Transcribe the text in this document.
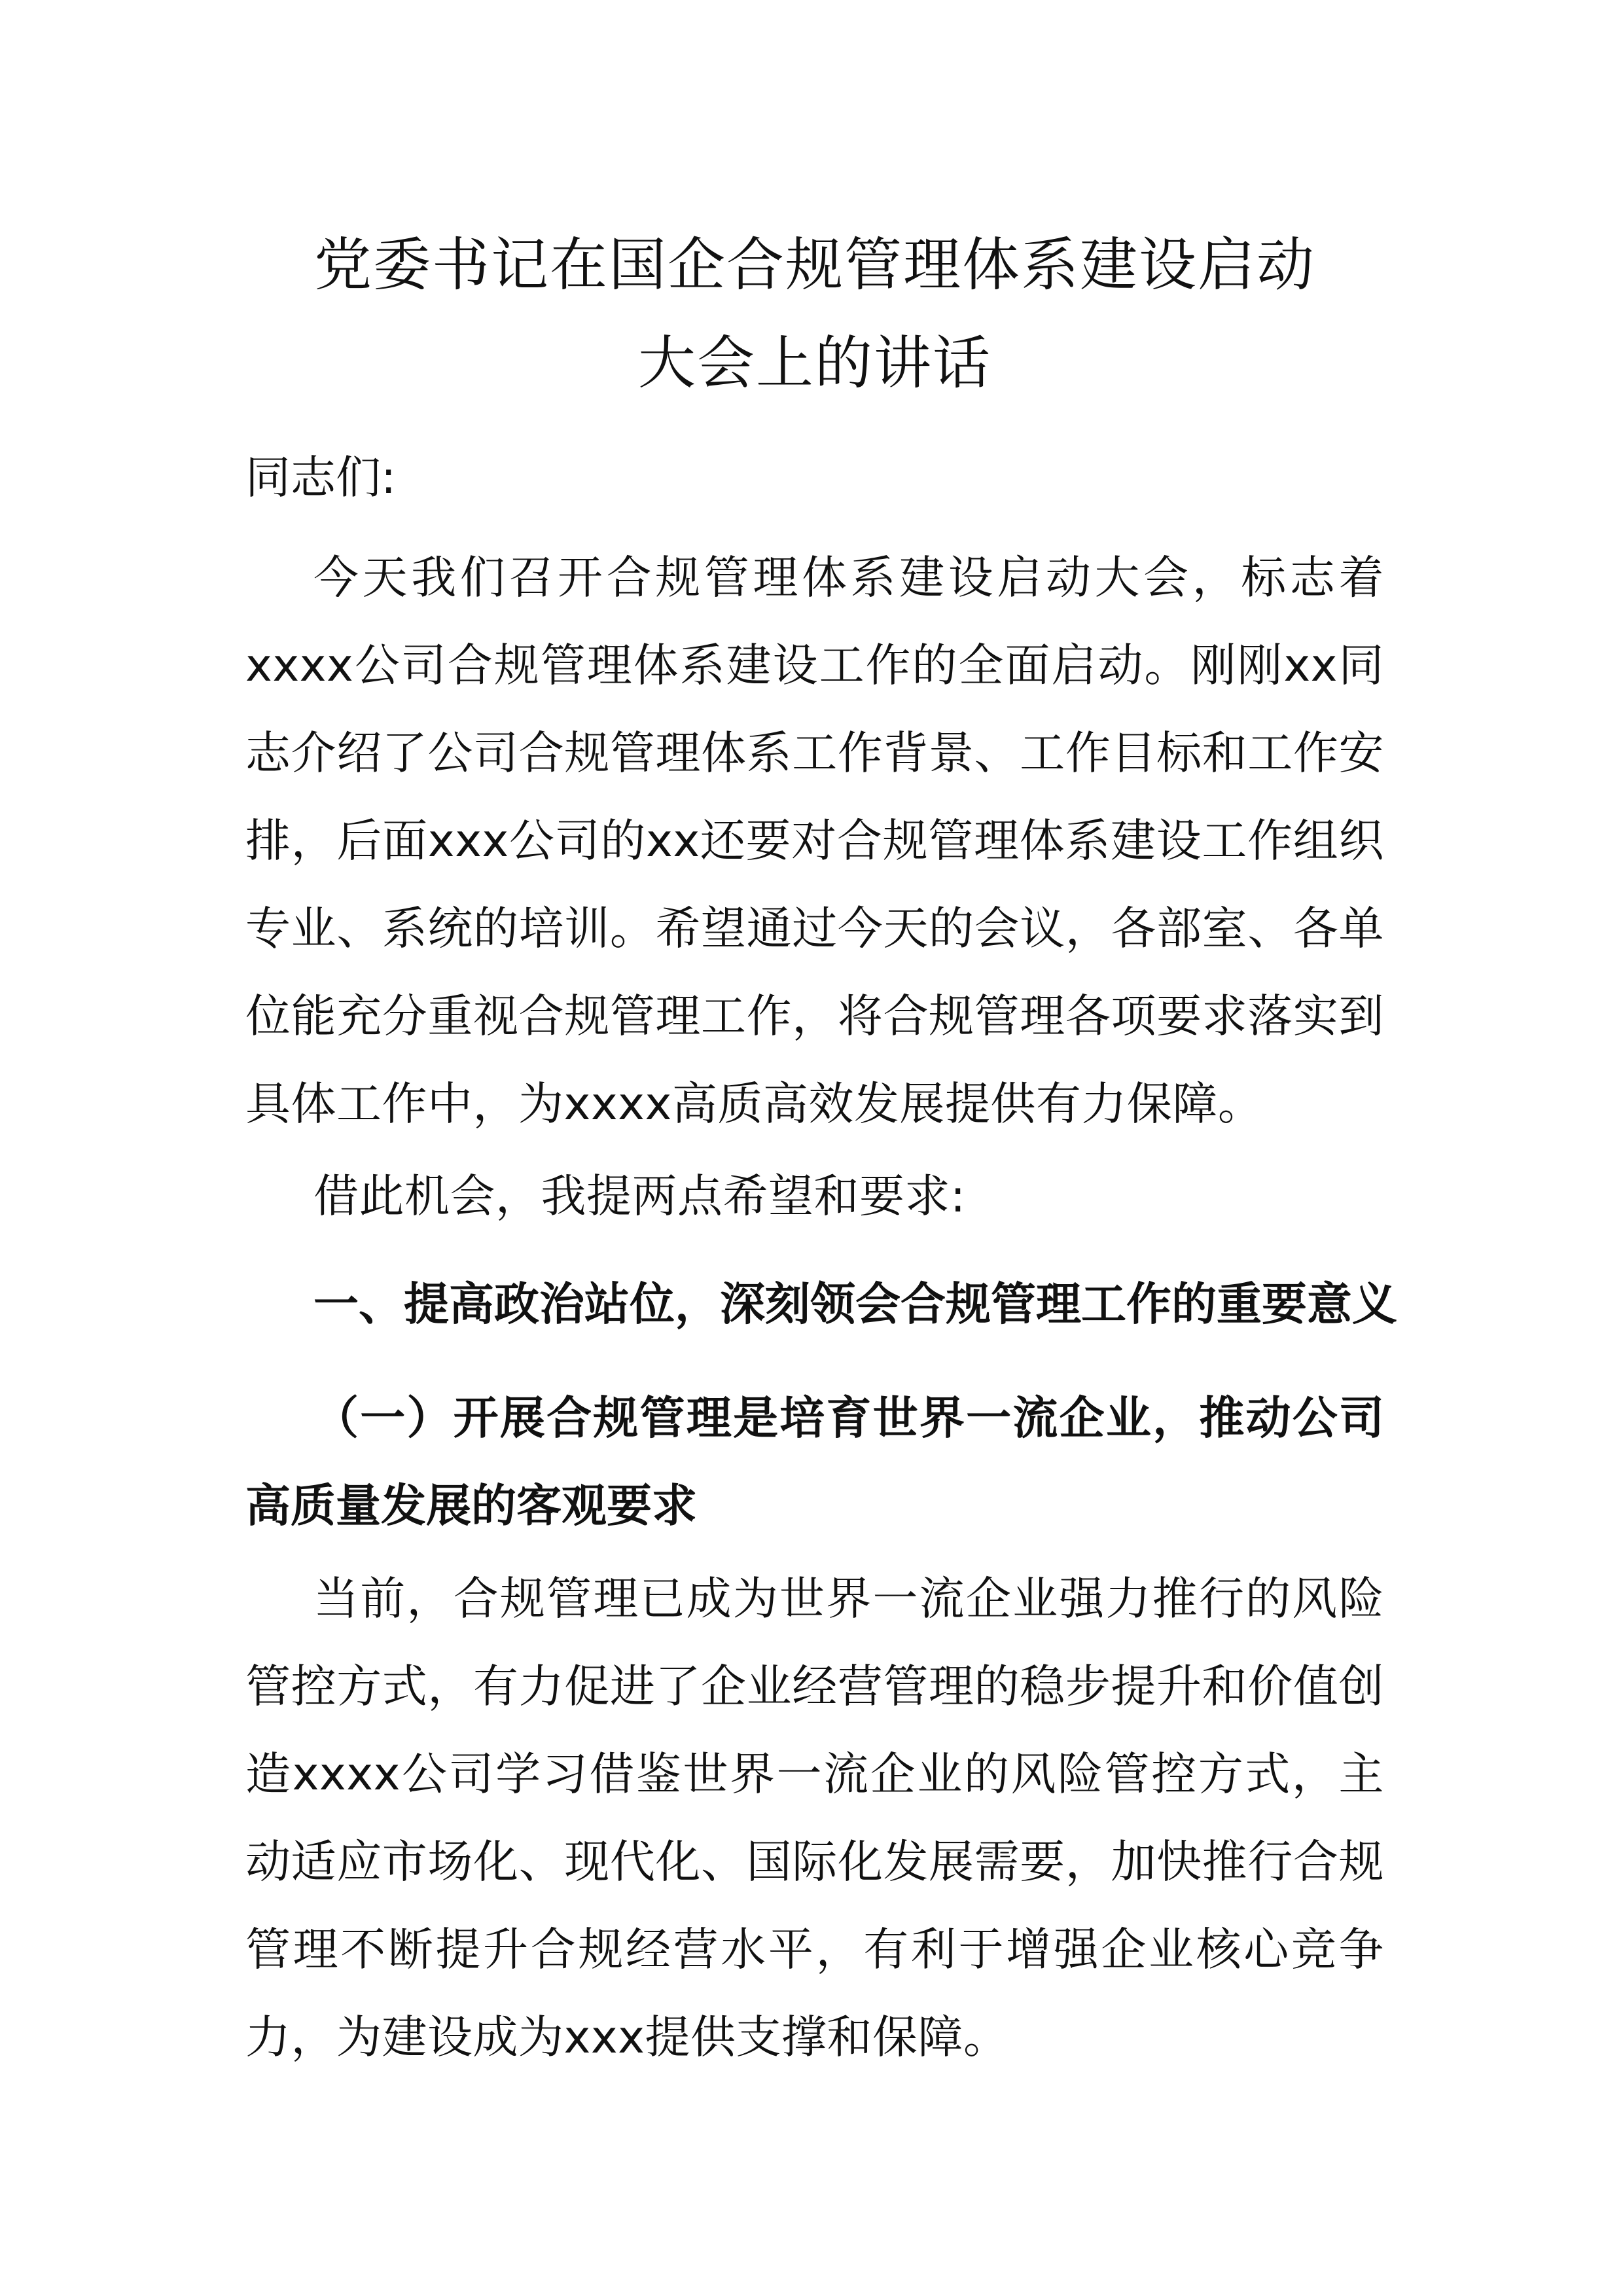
党委书记在国企合规管理体系建设启动
大会上的讲话

同志们:

今天我们召开合规管理体系建设启动大会，标志着xxxx公司合规管理体系建设工作的全面启动。刚刚xx同志介绍了公司合规管理体系工作背景、工作目标和工作安排，后面xxx公司的xx还要对合规管理体系建设工作组织专业、系统的培训。希望通过今天的会议，各部室、各单位能充分重视合规管理工作，将合规管理各项要求落实到具体工作中，为xxxx高质高效发展提供有力保障。

借此机会，我提两点希望和要求:

一、提高政治站位，深刻领会合规管理工作的重要意义

（一）开展合规管理是培育世界一流企业，推动公司高质量发展的客观要求

当前，合规管理已成为世界一流企业强力推行的风险管控方式，有力促进了企业经营管理的稳步提升和价值创造xxxx公司学习借鉴世界一流企业的风险管控方式，主动适应市场化、现代化、国际化发展需要，加快推行合规管理不断提升合规经营水平，有利于增强企业核心竞争力，为建设成为xxx提供支撑和保障。
